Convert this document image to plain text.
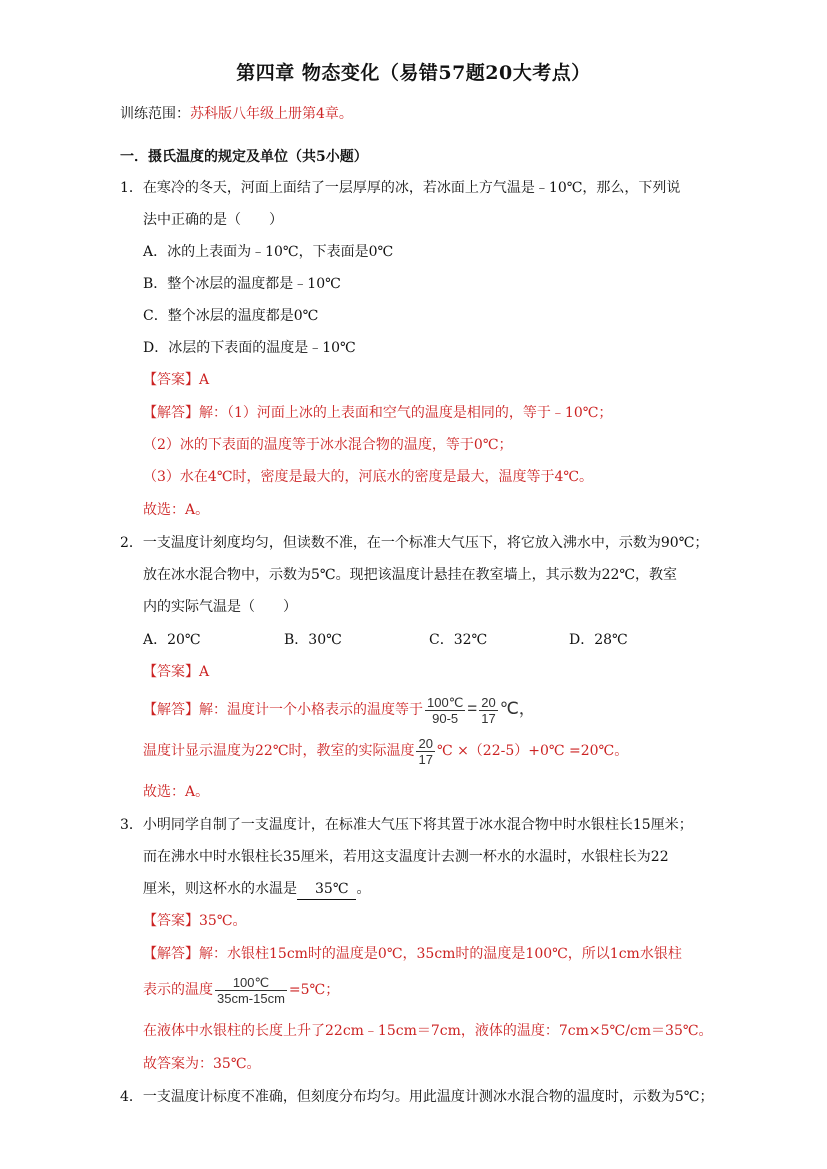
第四章 物态变化（易错57题20大考点）
训练范围：苏科版八年级上册第4章。
一．摄氏温度的规定及单位（共5小题）
1．在寒冷的冬天，河面上面结了一层厚厚的冰，若冰面上方气温是﹣10℃，那么，下列说
法中正确的是（　　）
A．冰的上表面为﹣10℃，下表面是0℃
B．整个冰层的温度都是﹣10℃
C．整个冰层的温度都是0℃
D．冰层的下表面的温度是﹣10℃
【答案】A
【解答】解：（1）河面上冰的上表面和空气的温度是相同的，等于﹣10℃；
（2）冰的下表面的温度等于冰水混合物的温度，等于0℃；
（3）水在4℃时，密度是最大的，河底水的密度是最大，温度等于4℃。
故选：A。
2．一支温度计刻度均匀，但读数不准，在一个标准大气压下，将它放入沸水中，示数为90℃；
放在冰水混合物中，示数为5℃。现把该温度计悬挂在教室墙上，其示数为22℃，教室
内的实际气温是（　　）
A．20℃	B．30℃	C．32℃	D．28℃
【答案】A
【解答】解：温度计一个小格表示的温度等于 $\frac{100℃}{90-5} = \frac{20}{17}$ ℃，
温度计显示温度为22℃时，教室的实际温度 $\frac{20}{17}$ ℃ ×（22-5）+0℃ =20℃。
故选：A。
3．小明同学自制了一支温度计，在标准大气压下将其置于冰水混合物中时水银柱长15厘米；
而在沸水中时水银柱长35厘米，若用这支温度计去测一杯水的水温时，水银柱长为22
厘米，则这杯水的水温是 35℃ 。
【答案】35℃。
【解答】解：水银柱15cm时的温度是0℃，35cm时的温度是100℃，所以1cm水银柱
表示的温度 $\frac{100℃}{35cm-15cm}$ =5℃；
在液体中水银柱的长度上升了22cm﹣15cm＝7cm，液体的温度：7cm×5℃/cm＝35℃。
故答案为：35℃。
4．一支温度计标度不准确，但刻度分布均匀。用此温度计测冰水混合物的温度时，示数为5℃；
